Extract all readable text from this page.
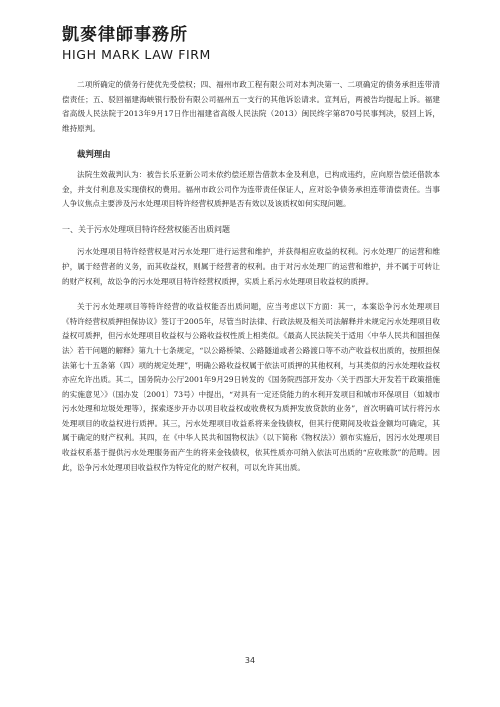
凱麥律師事務所
HIGH MARK LAW FIRM

二项所确定的债务行使优先受偿权；四、福州市政工程有限公司对本判决第一、二项确定的债务承担连带清偿责任；五、驳回福建海峡银行股份有限公司福州五一支行的其他诉讼请求。宣判后，两被告均提起上诉。福建省高级人民法院于2013年9月17日作出福建省高级人民法院（2013）闽民终字第870号民事判决，驳回上诉，维持原判。

裁判理由

法院生效裁判认为：被告长乐亚新公司未依约偿还原告借款本金及利息，已构成违约，应向原告偿还借款本金，并支付利息及实现债权的费用。福州市政公司作为连带责任保证人，应对讼争债务承担连带清偿责任。当事人争议焦点主要涉及污水处理项目特许经营权质押是否有效以及该质权如何实现问题。

一、关于污水处理项目特许经营权能否出质问题

污水处理项目特许经营权是对污水处理厂进行运营和维护，并获得相应收益的权利。污水处理厂的运营和维护，属于经营者的义务，而其收益权，则属于经营者的权利。由于对污水处理厂的运营和维护，并不属于可转让的财产权利，故讼争的污水处理项目特许经营权质押，实质上系污水处理项目收益权的质押。

关于污水处理项目等特许经营的收益权能否出质问题，应当考虑以下方面：其一，本案讼争污水处理项目《特许经营权质押担保协议》签订于2005年，尽管当时法律、行政法规及相关司法解释并未规定污水处理项目收益权可质押，但污水处理项目收益权与公路收益权性质上相类似。《最高人民法院关于适用〈中华人民共和国担保法〉若干问题的解释》第九十七条规定，“以公路桥梁、公路隧道或者公路渡口等不动产收益权出质的，按照担保法第七十五条第（四）项的规定处理”，明确公路收益权属于依法可质押的其他权利，与其类似的污水处理收益权亦应允许出质。其二，国务院办公厅2001年9月29日转发的《国务院西部开发办〈关于西部大开发若干政策措施的实施意见〉》（国办发〔2001〕73号）中提出，“对具有一定还贷能力的水利开发项目和城市环保项目（如城市污水处理和垃圾处理等），探索逐步开办以项目收益权或收费权为质押发放贷款的业务”，首次明确可试行将污水处理项目的收益权进行质押。其三，污水处理项目收益系将来金钱债权，但其行使期间及收益金额均可确定，其属于确定的财产权利。其四，在《中华人民共和国物权法》（以下简称《物权法》）颁布实施后，因污水处理项目收益权系基于提供污水处理服务而产生的将来金钱债权，依其性质亦可纳入依法可出质的“应收账款”的范畴。因此，讼争污水处理项目收益权作为特定化的财产权利，可以允许其出质。

34
